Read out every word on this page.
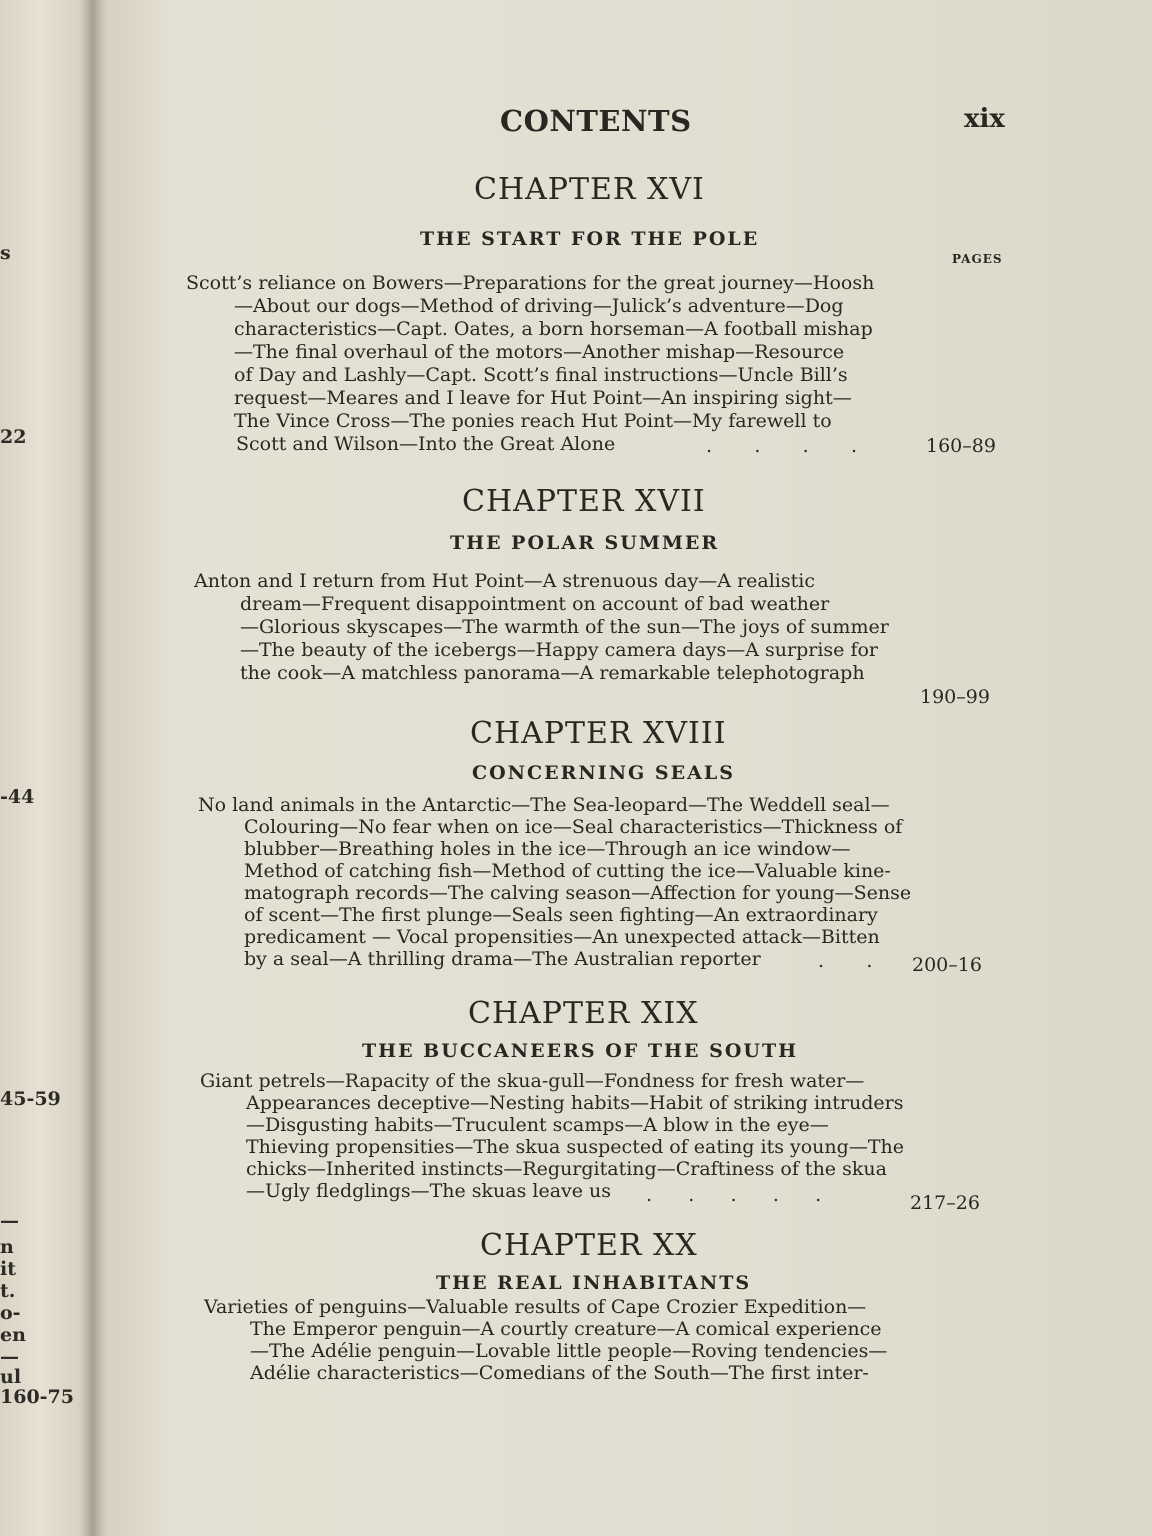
s
22
-44
45-59
—
n
it
t.
o-
en
—
ul
160-75
CONTENTS	xix
CHAPTER XVI
THE START FOR THE POLE
PAGES
Scott’s reliance on Bowers—Preparations for the great journey—Hoosh
—About our dogs—Method of driving—Julick’s adventure—Dog
characteristics—Capt. Oates, a born horseman—A football mishap
—The final overhaul of the motors—Another mishap—Resource
of Day and Lashly—Capt. Scott’s final instructions—Uncle Bill’s
request—Meares and I leave for Hut Point—An inspiring sight—
The Vince Cross—The ponies reach Hut Point—My farewell to
Scott and Wilson—Into the Great Alone	.       .       .       .	160–89
CHAPTER XVII
THE POLAR SUMMER
Anton and I return from Hut Point—A strenuous day—A realistic
dream—Frequent disappointment on account of bad weather
—Glorious skyscapes—The warmth of the sun—The joys of summer
—The beauty of the icebergs—Happy camera days—A surprise for
the cook—A matchless panorama—A remarkable telephotograph
190–99
CHAPTER XVIII
CONCERNING SEALS
No land animals in the Antarctic—The Sea-leopard—The Weddell seal—
Colouring—No fear when on ice—Seal characteristics—Thickness of
blubber—Breathing holes in the ice—Through an ice window—
Method of catching fish—Method of cutting the ice—Valuable kine-
matograph records—The calving season—Affection for young—Sense
of scent—The first plunge—Seals seen fighting—An extraordinary
predicament — Vocal propensities—An unexpected attack—Bitten
by a seal—A thrilling drama—The Australian reporter	.       . 200–16
CHAPTER XIX
THE BUCCANEERS OF THE SOUTH
Giant petrels—Rapacity of the skua-gull—Fondness for fresh water—
Appearances deceptive—Nesting habits—Habit of striking intruders
—Disgusting habits—Truculent scamps—A blow in the eye—
Thieving propensities—The skua suspected of eating its young—The
chicks—Inherited instincts—Regurgitating—Craftiness of the skua
—Ugly fledglings—The skuas leave us .      .      .      .      .	217–26
CHAPTER XX
THE REAL INHABITANTS
Varieties of penguins—Valuable results of Cape Crozier Expedition—
The Emperor penguin—A courtly creature—A comical experience
—The Adélie penguin—Lovable little people—Roving tendencies—
Adélie characteristics—Comedians of the South—The first inter-
